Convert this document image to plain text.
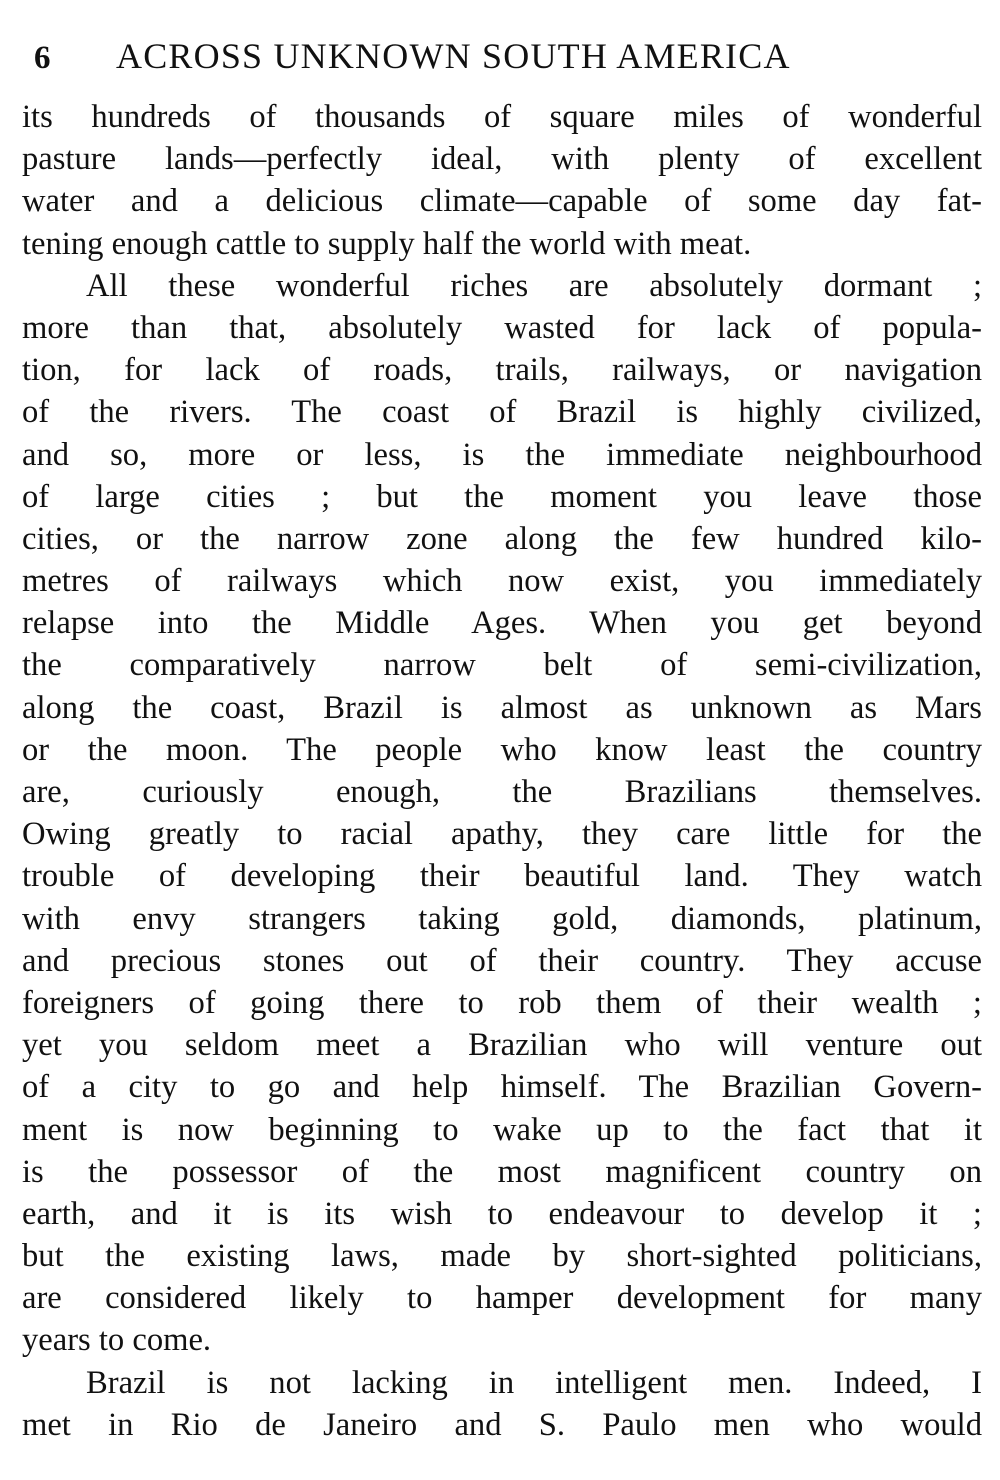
6	ACROSS UNKNOWN SOUTH AMERICA
its hundreds of thousands of square miles of wonderful
pasture lands—perfectly ideal, with plenty of excellent
water and a delicious climate—capable of some day fat-
tening enough cattle to supply half the world with meat.
All these wonderful riches are absolutely dormant ;
more than that, absolutely wasted for lack of popula-
tion, for lack of roads, trails, railways, or navigation
of the rivers. The coast of Brazil is highly civilized,
and so, more or less, is the immediate neighbourhood
of large cities ; but the moment you leave those
cities, or the narrow zone along the few hundred kilo-
metres of railways which now exist, you immediately
relapse into the Middle Ages. When you get beyond
the comparatively narrow belt of semi-civilization,
along the coast, Brazil is almost as unknown as Mars
or the moon. The people who know least the country
are, curiously enough, the Brazilians themselves.
Owing greatly to racial apathy, they care little for the
trouble of developing their beautiful land. They watch
with envy strangers taking gold, diamonds, platinum,
and precious stones out of their country. They accuse
foreigners of going there to rob them of their wealth ;
yet you seldom meet a Brazilian who will venture out
of a city to go and help himself. The Brazilian Govern-
ment is now beginning to wake up to the fact that it
is the possessor of the most magnificent country on
earth, and it is its wish to endeavour to develop it ;
but the existing laws, made by short-sighted politicians,
are considered likely to hamper development for many
years to come.
Brazil is not lacking in intelligent men. Indeed, I
met in Rio de Janeiro and S. Paulo men who would
